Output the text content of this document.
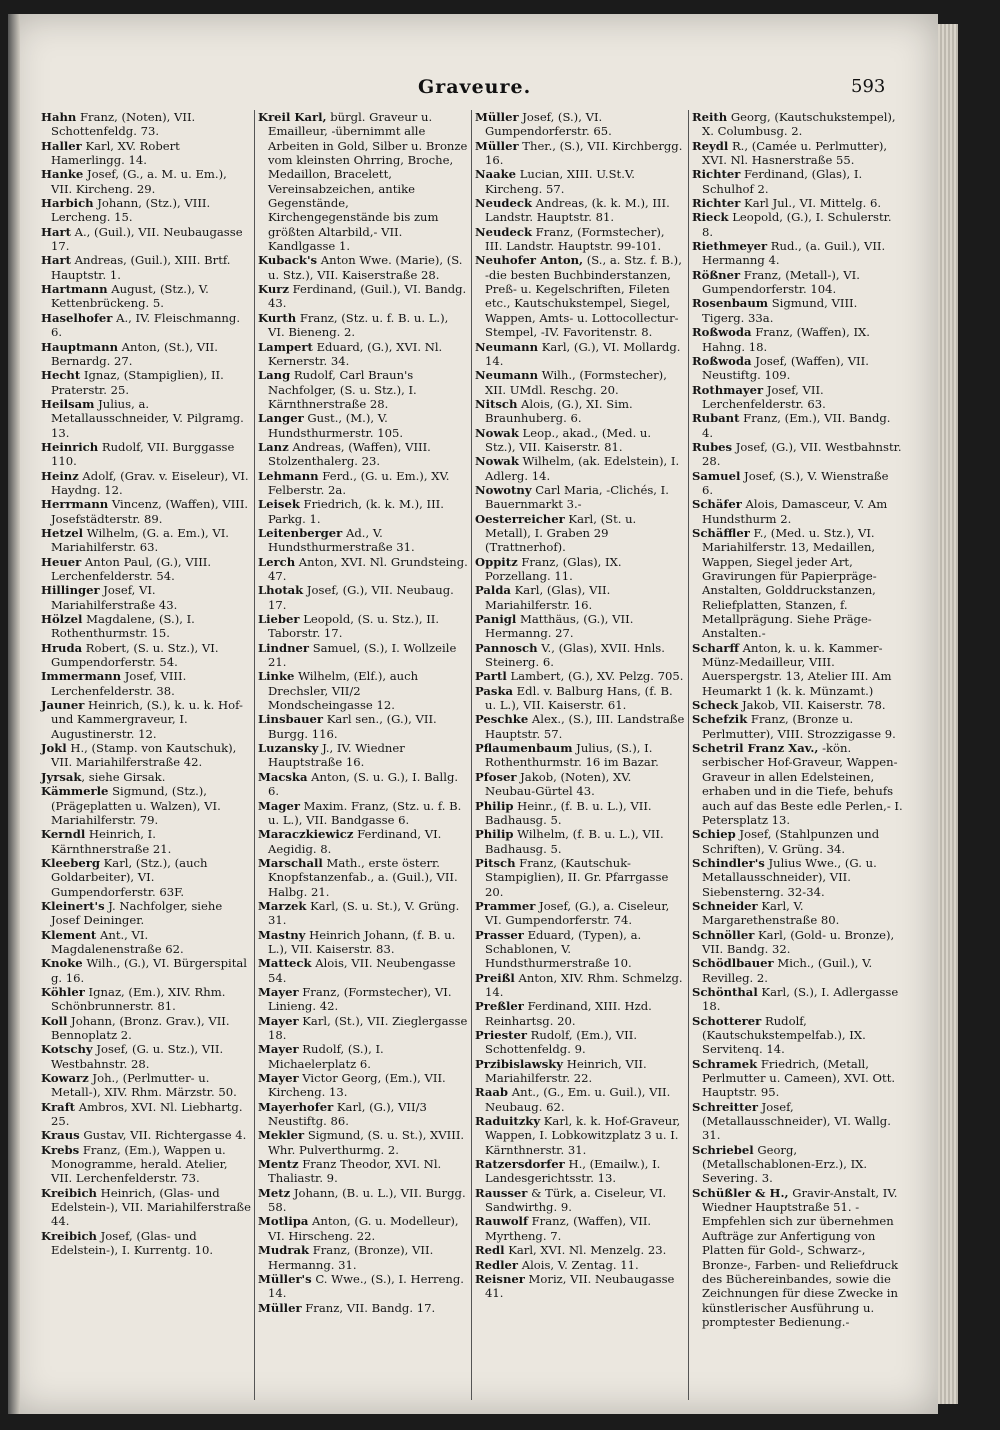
Graveure.	593

Hahn Franz, (Noten), VII. Schottenfeldg. 73.

Haller Karl, XV. Robert Hamerlingg. 14.

Hanke Josef, (G., a. M. u. Em.), VII. Kircheng. 29.

Harbich Johann, (Stz.), VIII. Lercheng. 15.

Hart A., (Guil.), VII. Neubaugasse 17.

Hart Andreas, (Guil.), XIII. Brtf. Hauptstr. 1.

Hartmann August, (Stz.), V. Kettenbrückeng. 5.

Haselhofer A., IV. Fleischmanng. 6.

Hauptmann Anton, (St.), VII. Bernardg. 27.

Hecht Ignaz, (Stampiglien), II. Praterstr. 25.

Heilsam Julius, a. Metallausschneider, V. Pilgramg. 13.

Heinrich Rudolf, VII. Burggasse 110.

Heinz Adolf, (Grav. v. Eiseleur), VI. Haydng. 12.

Herrmann Vincenz, (Waffen), VIII. Josefstädterstr. 89.

Hetzel Wilhelm, (G. a. Em.), VI. Mariahilferstr. 63.

Heuer Anton Paul, (G.), VIII. Lerchenfelderstr. 54.

Hillinger Josef, VI. Mariahilferstraße 43.

Hölzel Magdalene, (S.), I. Rothenthurmstr. 15.

Hruda Robert, (S. u. Stz.), VI. Gumpendorferstr. 54.

Immermann Josef, VIII. Lerchenfelderstr. 38.

Jauner Heinrich, (S.), k. u. k. Hof- und Kammergraveur, I. Augustinerstr. 12.

Jokl H., (Stamp. von Kautschuk), VII. Mariahilferstraße 42.

Jyrsak, siehe Girsak.

Kämmerle Sigmund, (Stz.), (Prägeplatten u. Walzen), VI. Mariahilferstr. 79.

Kerndl Heinrich, I. Kärnthnerstraße 21.

Kleeberg Karl, (Stz.), (auch Goldarbeiter), VI. Gumpendorferstr. 63F.

Kleinert's J. Nachfolger, siehe Josef Deininger.

Klement Ant., VI. Magdalenenstraße 62.

Knoke Wilh., (G.), VI. Bürgerspital g. 16.

Köhler Ignaz, (Em.), XIV. Rhm. Schönbrunnerstr. 81.

Koll Johann, (Bronz. Grav.), VII. Bennoplatz 2.

Kotschy Josef, (G. u. Stz.), VII. Westbahnstr. 28.

Kowarz Joh., (Perlmutter- u. Metall-), XIV. Rhm. Märzstr. 50.

Kraft Ambros, XVI. Nl. Liebhartg. 25.

Kraus Gustav, VII. Richtergasse 4.

Krebs Franz, (Em.), Wappen u. Monogramme, herald. Atelier, VII. Lerchenfelderstr. 73.

Kreibich Heinrich, (Glas- und Edelstein-), VII. Mariahilferstraße 44.

Kreibich Josef, (Glas- und Edelstein-), I. Kurrentg. 10.

Kreil Karl, bürgl. Graveur u. Emailleur, -übernimmt alle Arbeiten in Gold, Silber u. Bronze vom kleinsten Ohrring, Broche, Medaillon, Bracelett, Vereinsabzeichen, antike Gegenstände, Kirchengegenstände bis zum größten Altarbild,- VII. Kandlgasse 1.

Kuback's Anton Wwe. (Marie), (S. u. Stz.), VII. Kaiserstraße 28.

Kurz Ferdinand, (Guil.), VI. Bandg. 43.

Kurth Franz, (Stz. u. f. B. u. L.), VI. Bieneng. 2.

Lampert Eduard, (G.), XVI. Nl. Kernerstr. 34.

Lang Rudolf, Carl Braun's Nachfolger, (S. u. Stz.), I. Kärnthnerstraße 28.

Langer Gust., (M.), V. Hundsthurmerstr. 105.

Lanz Andreas, (Waffen), VIII. Stolzenthalerg. 23.

Lehmann Ferd., (G. u. Em.), XV. Felberstr. 2a.

Leisek Friedrich, (k. k. M.), III. Parkg. 1.

Leitenberger Ad., V. Hundsthurmerstraße 31.

Lerch Anton, XVI. Nl. Grundsteing. 47.

Lhotak Josef, (G.), VII. Neubaug. 17.

Lieber Leopold, (S. u. Stz.), II. Taborstr. 17.

Lindner Samuel, (S.), I. Wollzeile 21.

Linke Wilhelm, (Elf.), auch Drechsler, VII/2 Mondscheingasse 12.

Linsbauer Karl sen., (G.), VII. Burgg. 116.

Luzansky J., IV. Wiedner Hauptstraße 16.

Macska Anton, (S. u. G.), I. Ballg. 6.

Mager Maxim. Franz, (Stz. u. f. B. u. L.), VII. Bandgasse 6.

Maraczkiewicz Ferdinand, VI. Aegidig. 8.

Marschall Math., erste österr. Knopfstanzenfab., a. (Guil.), VII. Halbg. 21.

Marzek Karl, (S. u. St.), V. Grüng. 31.

Mastny Heinrich Johann, (f. B. u. L.), VII. Kaiserstr. 83.

Matteck Alois, VII. Neubengasse 54.

Mayer Franz, (Formstecher), VI. Linieng. 42.

Mayer Karl, (St.), VII. Zieglergasse 18.

Mayer Rudolf, (S.), I. Michaelerplatz 6.

Mayer Victor Georg, (Em.), VII. Kircheng. 13.

Mayerhofer Karl, (G.), VII/3 Neustiftg. 86.

Mekler Sigmund, (S. u. St.), XVIII. Whr. Pulverthurmg. 2.

Mentz Franz Theodor, XVI. Nl. Thaliastr. 9.

Metz Johann, (B. u. L.), VII. Burgg. 58.

Motlipa Anton, (G. u. Modelleur), VI. Hirscheng. 22.

Mudrak Franz, (Bronze), VII. Hermanng. 31.

Müller's C. Wwe., (S.), I. Herreng. 14.

Müller Franz, VII. Bandg. 17.

Müller Josef, (S.), VI. Gumpendorferstr. 65.

Müller Ther., (S.), VII. Kirchbergg. 16.

Naake Lucian, XIII. U.St.V. Kircheng. 57.

Neudeck Andreas, (k. k. M.), III. Landstr. Hauptstr. 81.

Neudeck Franz, (Formstecher), III. Landstr. Hauptstr. 99-101.

Neuhofer Anton, (S., a. Stz. f. B.), -die besten Buchbinderstanzen, Preß- u. Kegelschriften, Fileten etc., Kautschukstempel, Siegel, Wappen, Amts- u. Lottocollectur-Stempel, -IV. Favoritenstr. 8.

Neumann Karl, (G.), VI. Mollardg. 14.

Neumann Wilh., (Formstecher), XII. UMdl. Reschg. 20.

Nitsch Alois, (G.), XI. Sim. Braunhuberg. 6.

Nowak Leop., akad., (Med. u. Stz.), VII. Kaiserstr. 81.

Nowak Wilhelm, (ak. Edelstein), I. Adlerg. 14.

Nowotny Carl Maria, -Clichés, I. Bauernmarkt 3.-

Oesterreicher Karl, (St. u. Metall), I. Graben 29 (Trattnerhof).

Oppitz Franz, (Glas), IX. Porzellang. 11.

Palda Karl, (Glas), VII. Mariahilferstr. 16.

Panigl Matthäus, (G.), VII. Hermanng. 27.

Pannosch V., (Glas), XVII. Hnls. Steinerg. 6.

Partl Lambert, (G.), XV. Pelzg. 705.

Paska Edl. v. Balburg Hans, (f. B. u. L.), VII. Kaiserstr. 61.

Peschke Alex., (S.), III. Landstraße Hauptstr. 57.

Pflaumenbaum Julius, (S.), I. Rothenthurmstr. 16 im Bazar.

Pfoser Jakob, (Noten), XV. Neubau-Gürtel 43.

Philip Heinr., (f. B. u. L.), VII. Badhausg. 5.

Philip Wilhelm, (f. B. u. L.), VII. Badhausg. 5.

Pitsch Franz, (Kautschuk-Stampiglien), II. Gr. Pfarrgasse 20.

Prammer Josef, (G.), a. Ciseleur, VI. Gumpendorferstr. 74.

Prasser Eduard, (Typen), a. Schablonen, V. Hundsthurmerstraße 10.

Preißl Anton, XIV. Rhm. Schmelzg. 14.

Preßler Ferdinand, XIII. Hzd. Reinhartsg. 20.

Priester Rudolf, (Em.), VII. Schottenfeldg. 9.

Przibislawsky Heinrich, VII. Mariahilferstr. 22.

Raab Ant., (G., Em. u. Guil.), VII. Neubaug. 62.

Raduitzky Karl, k. k. Hof-Graveur, Wappen, I. Lobkowitzplatz 3 u. I. Kärnthnerstr. 31.

Ratzersdorfer H., (Emailw.), I. Landesgerichtsstr. 13.

Rausser & Türk, a. Ciseleur, VI. Sandwirthg. 9.

Rauwolf Franz, (Waffen), VII. Myrtheng. 7.

Redl Karl, XVI. Nl. Menzelg. 23.

Redler Alois, V. Zentag. 11.

Reisner Moriz, VII. Neubaugasse 41.

Reith Georg, (Kautschukstempel), X. Columbusg. 2.

Reydl R., (Camée u. Perlmutter), XVI. Nl. Hasnerstraße 55.

Richter Ferdinand, (Glas), I. Schulhof 2.

Richter Karl Jul., VI. Mittelg. 6.

Rieck Leopold, (G.), I. Schulerstr. 8.

Riethmeyer Rud., (a. Guil.), VII. Hermanng 4.

Rößner Franz, (Metall-), VI. Gumpendorferstr. 104.

Rosenbaum Sigmund, VIII. Tigerg. 33a.

Roßwoda Franz, (Waffen), IX. Hahng. 18.

Roßwoda Josef, (Waffen), VII. Neustiftg. 109.

Rothmayer Josef, VII. Lerchenfelderstr. 63.

Rubant Franz, (Em.), VII. Bandg. 4.

Rubes Josef, (G.), VII. Westbahnstr. 28.

Samuel Josef, (S.), V. Wienstraße 6.

Schäfer Alois, Damasceur, V. Am Hundsthurm 2.

Schäffler F., (Med. u. Stz.), VI. Mariahilferstr. 13, Medaillen, Wappen, Siegel jeder Art, Gravirungen für Papierpräge-Anstalten, Golddruckstanzen, Reliefplatten, Stanzen, f. Metallprägung. Siehe Präge-Anstalten.-

Scharff Anton, k. u. k. Kammer-Münz-Medailleur, VIII. Auerspergstr. 13, Atelier III. Am Heumarkt 1 (k. k. Münzamt.)

Scheck Jakob, VII. Kaiserstr. 78.

Schefzik Franz, (Bronze u. Perlmutter), VIII. Strozzigasse 9.

Schetril Franz Xav., -kön. serbischer Hof-Graveur, Wappen-Graveur in allen Edelsteinen, erhaben und in die Tiefe, behufs auch auf das Beste edle Perlen,- I. Petersplatz 13.

Schiep Josef, (Stahlpunzen und Schriften), V. Grüng. 34.

Schindler's Julius Wwe., (G. u. Metallausschneider), VII. Siebensterng. 32-34.

Schneider Karl, V. Margarethenstraße 80.

Schnöller Karl, (Gold- u. Bronze), VII. Bandg. 32.

Schödlbauer Mich., (Guil.), V. Revilleg. 2.

Schönthal Karl, (S.), I. Adlergasse 18.

Schotterer Rudolf, (Kautschukstempelfab.), IX. Servitenq. 14.

Schramek Friedrich, (Metall, Perlmutter u. Cameen), XVI. Ott. Hauptstr. 95.

Schreitter Josef, (Metallausschneider), VI. Wallg. 31.

Schriebel Georg, (Metallschablonen-Erz.), IX. Severing. 3.

Schüßler & H., Gravir-Anstalt, IV. Wiedner Hauptstraße 51. -Empfehlen sich zur übernehmen Aufträge zur Anfertigung von Platten für Gold-, Schwarz-, Bronze-, Farben- und Reliefdruck des Büchereinbandes, sowie die Zeichnungen für diese Zwecke in künstlerischer Ausführung u. promptester Bedienung.-
